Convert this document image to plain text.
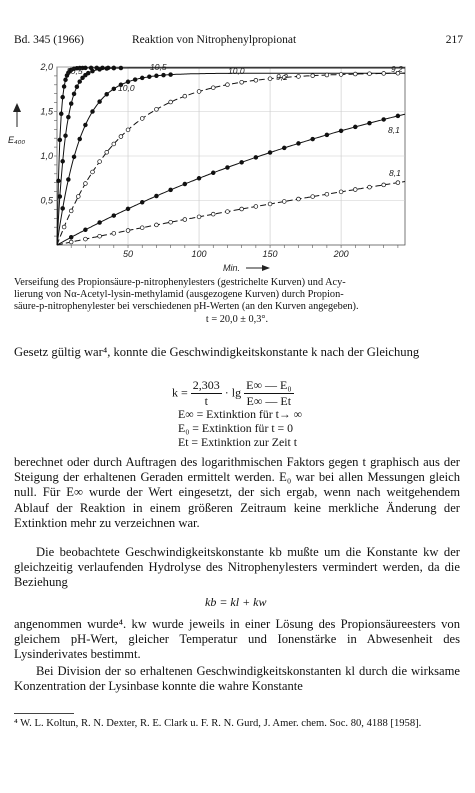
Bd. 345 (1966)	Reaktion von Nitrophenylpropionat	217
50	100	150	200
0,5
1,0
1,5
2,0
E₄₀₀
Min.
10,5	10,5
10,0
10,0
9,2
9,2
8,1
8,1
Verseifung des Propionsäure-p-nitrophenylesters (gestrichelte Kurven) und Acy-
lierung von Nα-Acetyl-lysin-methylamid (ausgezogene Kurven) durch Propion-
säure-p-nitrophenylester bei verschiedenen pH-Werten (an den Kurven angegeben).
t = 20,0 ± 0,3°.
Gesetz gültig war⁴, konnte die Geschwindigkeitskonstante k nach der Gleichung
$k = \frac{2,303}{t} \cdot \lg \frac{\text{E∞ — E₀}}{E\infty — Et}$
E∞ = Extinktion für t→ ∞
E₀ = Extinktion für t = 0
Et = Extinktion zur Zeit t
berechnet oder durch Auftragen des logarithmischen Faktors gegen t graphisch aus der Steigung der erhaltenen Geraden ermittelt werden. E₀ war bei allen Messungen gleich null. Für E∞ wurde der Wert eingesetzt, der sich ergab, wenn nach weitgehendem Ablauf der Reaktion in einem größeren Zeitraum keine merkliche Änderung der Extinktion mehr zu verzeichnen war.
Die beobachtete Geschwindigkeitskonstante kb mußte um die Konstante kw der gleichzeitig verlaufenden Hydrolyse des Nitrophenylesters vermindert werden, da die Beziehung
kb = kl + kw
angenommen wurde⁴. kw wurde jeweils in einer Lösung des Propionsäureesters von gleichem pH-Wert, gleicher Temperatur und Ionenstärke in Abwesenheit des Lysinderivates bestimmt.
Bei Division der so erhaltenen Geschwindigkeitskonstanten kl durch die wirksame Konzentration der Lysinbase konnte die wahre Konstante
⁴ W. L. Koltun, R. N. Dexter, R. E. Clark u. F. R. N. Gurd, J. Amer. chem. Soc. 80, 4188 [1958].
